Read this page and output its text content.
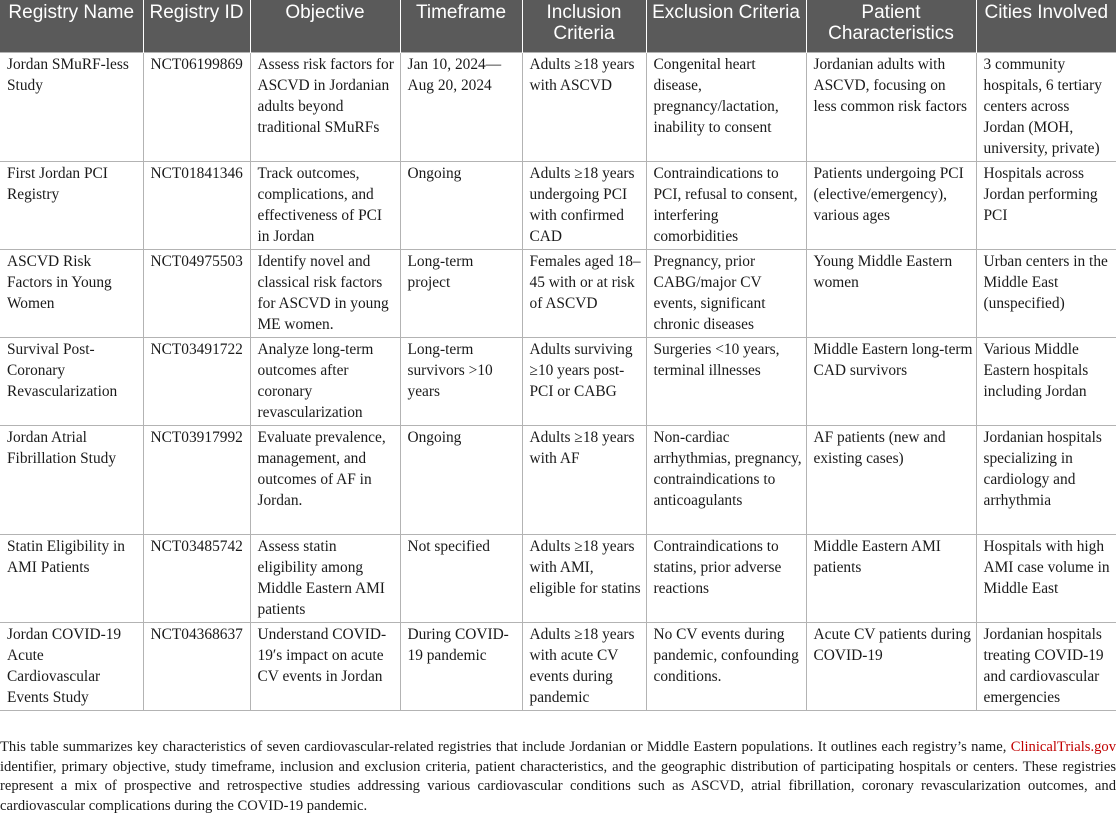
Registry Name	Registry ID	Objective	Timeframe	Inclusion Criteria	Exclusion Criteria	Patient Characteristics	Cities Involved
Jordan SMuRF-less Study	NCT06199869	Assess risk factors for ASCVD in Jordanian adults beyond traditional SMuRFs	Jan 10, 2024—Aug 20, 2024	Adults ≥18 years with ASCVD	Congenital heart disease, pregnancy/lactation, inability to consent	Jordanian adults with ASCVD, focusing on less common risk factors	3 community hospitals, 6 tertiary centers across Jordan (MOH, university, private)
First Jordan PCI Registry	NCT01841346	Track outcomes, complications, and effectiveness of PCI in Jordan	Ongoing	Adults ≥18 years undergoing PCI with confirmed CAD	Contraindications to PCI, refusal to consent, interfering comorbidities	Patients undergoing PCI (elective/emergency), various ages	Hospitals across Jordan performing PCI
ASCVD Risk Factors in Young Women	NCT04975503	Identify novel and classical risk factors for ASCVD in young ME women.	Long-term project	Females aged 18–45 with or at risk of ASCVD	Pregnancy, prior CABG/major CV events, significant chronic diseases	Young Middle Eastern women	Urban centers in the Middle East (unspecified)
Survival Post-Coronary Revascularization	NCT03491722	Analyze long-term outcomes after coronary revascularization	Long-term survivors >10 years	Adults surviving ≥10 years post-PCI or CABG	Surgeries <10 years, terminal illnesses	Middle Eastern long-term CAD survivors	Various Middle Eastern hospitals including Jordan
Jordan Atrial Fibrillation Study	NCT03917992	Evaluate prevalence, management, and outcomes of AF in Jordan.	Ongoing	Adults ≥18 years with AF	Non-cardiac arrhythmias, pregnancy, contraindications to anticoagulants	AF patients (new and existing cases)	Jordanian hospitals specializing in cardiology and arrhythmia
Statin Eligibility in AMI Patients	NCT03485742	Assess statin eligibility among Middle Eastern AMI patients	Not specified	Adults ≥18 years with AMI, eligible for statins	Contraindications to statins, prior adverse reactions	Middle Eastern AMI patients	Hospitals with high AMI case volume in Middle East
Jordan COVID-19 Acute Cardiovascular Events Study	NCT04368637	Understand COVID-19′s impact on acute CV events in Jordan	During COVID-19 pandemic	Adults ≥18 years with acute CV events during pandemic	No CV events during pandemic, confounding conditions.	Acute CV patients during COVID-19	Jordanian hospitals treating COVID-19 and cardiovascular emergencies

This table summarizes key characteristics of seven cardiovascular-related registries that include Jordanian or Middle Eastern populations. It outlines each registry’s name, ClinicalTrials.gov identifier, primary objective, study timeframe, inclusion and exclusion criteria, patient characteristics, and the geographic distribution of participating hospitals or centers. These registries represent a mix of prospective and retrospective studies addressing various cardiovascular conditions such as ASCVD, atrial fibrillation, coronary revascularization outcomes, and cardiovascular complications during the COVID-19 pandemic.
